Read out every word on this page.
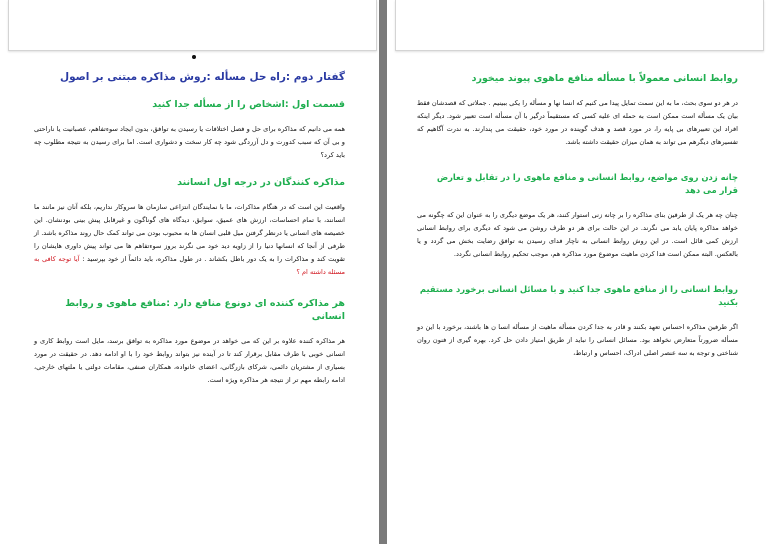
گفتار دوم :راه حل مسأله :روش مذاکره مبتنی بر اصول
قسمت اول :اشخاص را از مسأله جدا کنید

همه می دانیم که مذاکره برای حل و فصل اختلافات یا رسیدن به توافق، بدون ایجاد سوءتفاهم، عصبانیت یا ناراحتی و بی آن که سبب کدورت و دل آزردگی شود چه کار سخت و دشواری است. اما برای رسیدن به نتیجه مطلوب چه باید کرد؟

مذاکره کنندگان در درجه اول انسانند

واقعیت این است که در هنگام مذاکرات، ما با نمایندگان انتزاعی سازمان ها سروکار نداریم، بلکه آنان نیز مانند ما انسانند، با تمام احساسات، ارزش های عمیق، سوابق، دیدگاه های گوناگون و غیرقابل پیش بینی بودنشان. این خصیصه های انسانی یا درنظر گرفتن میل قلبی انسان ها به محبوب بودن می تواند کمک حال روند مذاکره باشد. از طرفی از آنجا که انسانها دنیا را از زاویه دید خود می نگرند بروز سوءتفاهم ها می تواند پیش داوری هایشان را تقویت کند و مذاکرات را به یک دور باطل بکشاند . در طول مذاکره، باید دائماً از خود بپرسید : آیا توجه کافی به مسئله داشته ام ؟

هر مذاکره کننده ای دونوع منافع دارد :منافع ماهوی و روابط انسانی

هر مذاکره کننده علاوه بر این که می خواهد در موضوع مورد مذاکره به توافق برسد، مایل است روابط کاری و انسانی خوبی با طرف مقابل برقرار کند تا در آینده نیز بتواند روابط خود را با او ادامه دهد. در حقیقت در مورد بسیاری از مشتریان دائمی، شرکای بازرگانی، اعضای خانواده، همکاران صنفی، مقامات دولتی یا ملتهای خارجی، ادامه رابطه مهم تر از نتیجه هر مذاکره ویژه است.

روابط انسانی معمولاً با مسأله منافع ماهوی پیوند میخورد

در هر دو سوی بحث، ما به این سمت تمایل پیدا می کنیم که انسا نها و مسأله را یکی ببینیم . جملاتی که قصدشان فقط بیان یک مسأله است ممکن است به حمله ای علیه کسی که مستقیماً درگیر با آن مسأله است تعبیر شود. دیگر اینکه افراد این تعبیرهای بی پایه را، در مورد قصد و هدف گوینده در مورد خود، حقیقت می پندارند. به ندرت آگاهیم که تفسیرهای دیگرهم می تواند به همان میزان حقیقت داشته باشد.

چانه زدن روی مواضع، روابط انسانی و منافع ماهوی را در تقابل و تعارض قرار می دهد

چنان چه هر یک از طرفین بنای مذاکره را بر چانه زنی استوار کنند، هر یک موضع دیگری را به عنوان این که چگونه می خواهد مذاکره پایان یابد می نگرند. در این حالت برای هر دو طرف روشن می شود که دیگری برای روابط انسانی ارزش کمی قائل است. در این روش روابط انسانی به ناچار فدای رسیدن به توافق رضایت بخش می گردد و یا بالعکس. البته ممکن است فدا کردن ماهیت موضوع مورد مذاکره هم، موجب تحکیم روابط انسانی نگردد.

روابط انسانی را از منافع ماهوی جدا کنید و با مسائل انسانی برخورد مستقیم بکنید

اگر طرفین مذاکره احساس تعهد بکنند و قادر به جدا کردن مسأله ماهیت از مسأله انسا ن ها باشند، برخورد با این دو مسأله ضرورتاً متعارض نخواهد بود. مسائل انسانی را نباید از طریق امتیاز دادن حل کرد. بهره گیری از فنون روان شناختی و توجه به سه عنصر اصلی ادراک، احساس و ارتباط،
